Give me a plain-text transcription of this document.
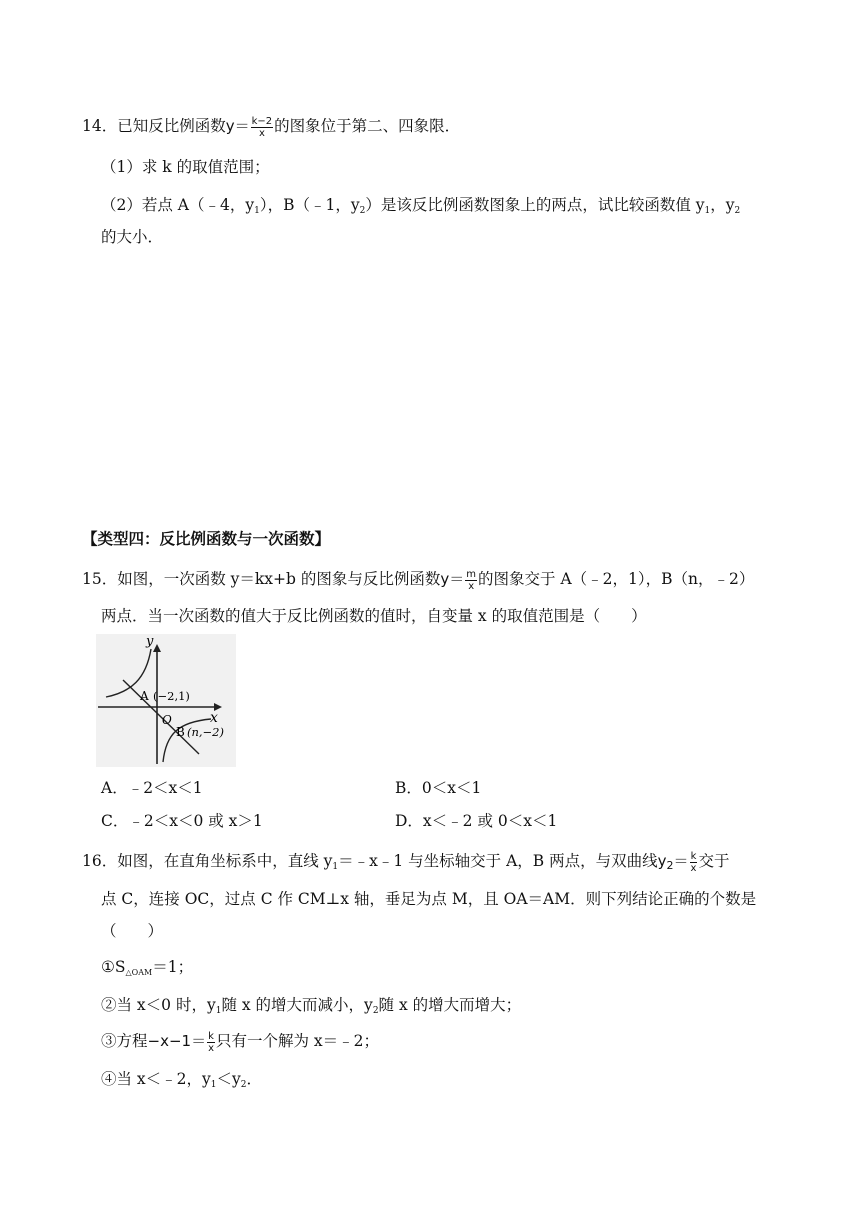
14．已知反比例函数$y= \frac{k-2}{x}$ 的图象位于第二、四象限．
（1）求 k 的取值范围；
（2）若点 A（﹣4，$y_1$），B（﹣1，$y_2$）是该反比例函数图象上的两点，试比较函数值 $y_1$，$y_2$
的大小．
【类型四：反比例函数与一次函数】
15．如图，一次函数 y＝kx+b 的图象与反比例函数$y= \frac{m}{x}$ 的图象交于 A（﹣2，1），B（n，﹣2）
两点．当一次函数的值大于反比例函数的值时，自变量 x 的取值范围是（　　）
y
x
O
A (−2,1)
B (n,−2)
A．﹣2＜x＜1	B．0＜x＜1
C．﹣2＜x＜0 或 x＞1	D．x＜﹣2 或 0＜x＜1
16．如图，在直角坐标系中，直线 $y_1=﹣x﹣1$ 与坐标轴交于 A，B 两点，与双曲线$y_2= \frac{k}{x}$ 交于
点 C，连接 OC，过点 C 作 CM⊥x 轴，垂足为点 M，且 OA＝AM．则下列结论正确的个数是
（　　）
$①S_{\triangle OAM}=1$；
②当 x＜0 时，$y_1$随 x 的增大而减小，$y_2$随 x 的增大而增大；
③方程$-x-1= \frac{k}{x}$ 只有一个解为 x＝﹣2；
④当 x＜﹣2，$y_1<y_2$．
